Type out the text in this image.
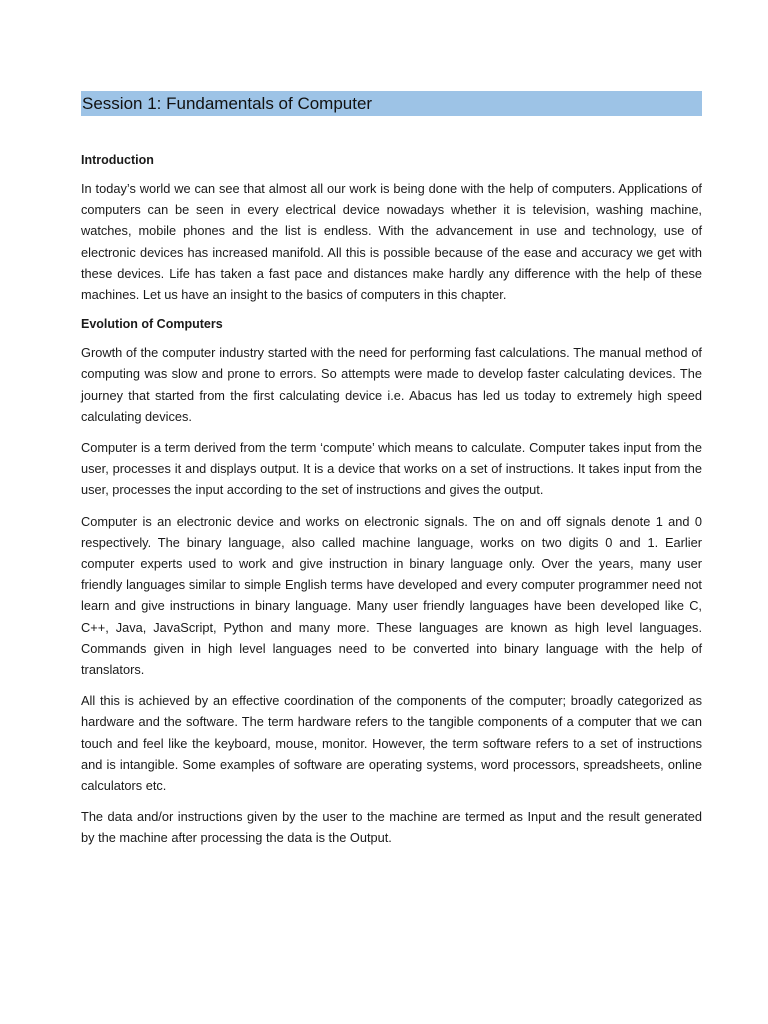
Session 1: Fundamentals of Computer
Introduction

In today’s world we can see that almost all our work is being done with the help of computers. Applications of computers can be seen in every electrical device nowadays whether it is television, washing machine, watches, mobile phones and the list is endless. With the advancement in use and technology, use of electronic devices has increased manifold. All this is possible because of the ease and accuracy we get with these devices. Life has taken a fast pace and distances make hardly any difference with the help of these machines. Let us have an insight to the basics of computers in this chapter.

Evolution of Computers

Growth of the computer industry started with the need for performing fast calculations. The manual method of computing was slow and prone to errors. So attempts were made to develop faster calculating devices. The journey that started from the first calculating device i.e. Abacus has led us today to extremely high speed calculating devices.

Computer is a term derived from the term ‘compute’ which means to calculate. Computer takes input from the user, processes it and displays output. It is a device that works on a set of instructions. It takes input from the user, processes the input according to the set of instructions and gives the output.

Computer is an electronic device and works on electronic signals. The on and off signals denote 1 and 0 respectively. The binary language, also called machine language, works on two digits 0 and 1. Earlier computer experts used to work and give instruction in binary language only. Over the years, many user friendly languages similar to simple English terms have developed and every computer programmer need not learn and give instructions in binary language. Many user friendly languages have been developed like C, C++, Java, JavaScript, Python and many more. These languages are known as high level languages. Commands given in high level languages need to be converted into binary language with the help of translators.

All this is achieved by an effective coordination of the components of the computer; broadly categorized as hardware and the software. The term hardware refers to the tangible components of a computer that we can touch and feel like the keyboard, mouse, monitor. However, the term software refers to a set of instructions and is intangible. Some examples of software are operating systems, word processors, spreadsheets, online calculators etc.

The data and/or instructions given by the user to the machine are termed as Input and the result generated by the machine after processing the data is the Output.
